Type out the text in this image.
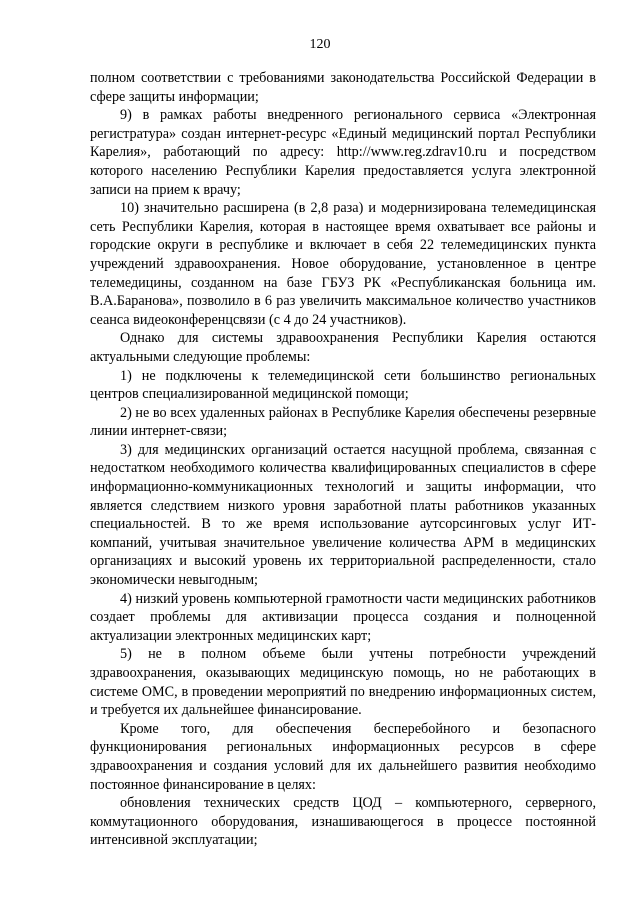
120

полном соответствии с требованиями законодательства Российской Федерации в сфере защиты информации;

9) в рамках работы внедренного регионального сервиса «Электронная регистратура» создан интернет-ресурс «Единый медицинский портал Республики Карелия», работающий по адресу: http://www.reg.zdrav10.ru и посредством которого населению Республики Карелия предоставляется услуга электронной записи на прием к врачу;

10) значительно расширена (в 2,8 раза) и модернизирована телемедицинская сеть Республики Карелия, которая в настоящее время охватывает все районы и городские округи в республике и включает в себя 22 телемедицинских пункта учреждений здравоохранения. Новое оборудование, установленное в центре телемедицины, созданном на базе ГБУЗ РК «Республиканская больница им. В.А.Баранова», позволило в 6 раз увеличить максимальное количество участников сеанса видеоконференцсвязи (с 4 до 24 участников).

Однако для системы здравоохранения Республики Карелия остаются актуальными следующие проблемы:

1) не подключены к телемедицинской сети большинство региональных центров специализированной медицинской помощи;

2) не во всех удаленных районах в Республике Карелия обеспечены резервные линии интернет-связи;

3) для медицинских организаций остается насущной проблема, связанная с недостатком необходимого количества квалифицированных специалистов в сфере информационно-коммуникационных технологий и защиты информации, что является следствием низкого уровня заработной платы работников указанных специальностей. В то же время использование аутсорсинговых услуг ИТ-компаний, учитывая значительное увеличение количества АРМ в медицинских организациях и высокий уровень их территориальной распределенности, стало экономически невыгодным;

4) низкий уровень компьютерной грамотности части медицинских работников создает проблемы для активизации процесса создания и полноценной актуализации электронных медицинских карт;

5) не в полном объеме были учтены потребности учреждений здравоохранения, оказывающих медицинскую помощь, но не работающих в системе ОМС, в проведении мероприятий по внедрению информационных систем, и требуется их дальнейшее финансирование.

Кроме того, для обеспечения бесперебойного и безопасного функционирования региональных информационных ресурсов в сфере здравоохранения и создания условий для их дальнейшего развития необходимо постоянное финансирование в целях:

обновления технических средств ЦОД – компьютерного, серверного, коммутационного оборудования, изнашивающегося в процессе постоянной интенсивной эксплуатации;
